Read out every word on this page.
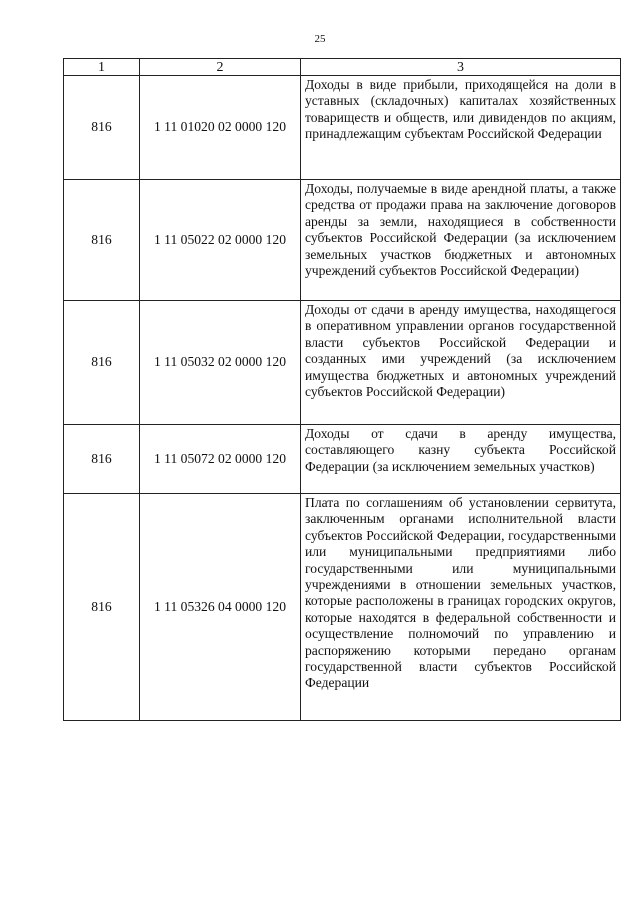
25
1	2	3
816	1 11 01020 02 0000 120	Доходы в виде прибыли, приходящейся на доли в уставных (складочных) капиталах хозяйственных товариществ и обществ, или дивидендов по акциям, принадлежащим субъектам Российской Федерации
816	1 11 05022 02 0000 120	Доходы, получаемые в виде арендной платы, а также средства от продажи права на заключение договоров аренды за земли, находящиеся в собственности субъектов Российской Федерации (за исключением земельных участков бюджетных и автономных учреждений субъектов Российской Федерации)
816	1 11 05032 02 0000 120	Доходы от сдачи в аренду имущества, находящегося в оперативном управлении органов государственной власти субъектов Российской Федерации и созданных ими учреждений (за исключением имущества бюджетных и автономных учреждений субъектов Российской Федерации)
816	1 11 05072 02 0000 120	Доходы от сдачи в аренду имущества, составляющего казну субъекта Российской Федерации (за исключением земельных участков)
816	1 11 05326 04 0000 120	Плата по соглашениям об установлении сервитута, заключенным органами исполнительной власти субъектов Российской Федерации, государственными или муниципальными предприятиями либо государственными или муниципальными учреждениями в отношении земельных участков, которые расположены в границах городских округов, которые находятся в федеральной собственности и осуществление полномочий по управлению и распоряжению которыми передано органам государственной власти субъектов Российской Федерации
